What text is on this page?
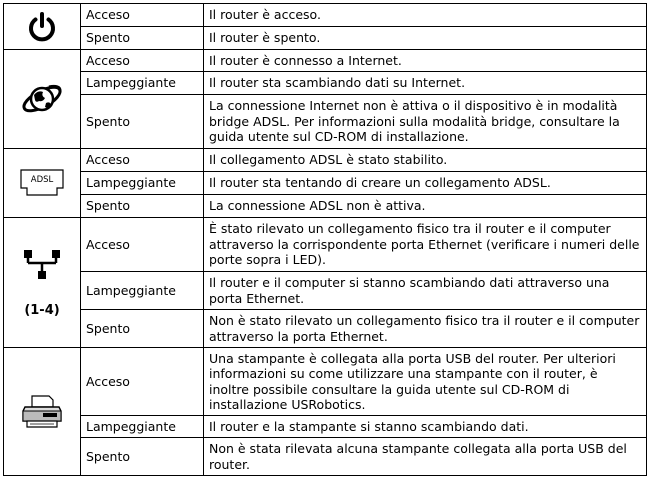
	Acceso	Il router è acceso.
	Spento	Il router è spento.

	Acceso	Il router è connesso a Internet.
	Lampeggiante	Il router sta scambiando dati su Internet.
	Spento	La connessione Internet non è attiva o il dispositivo è in modalità bridge ADSL. Per informazioni sulla modalità bridge, consultare la guida utente sul CD-ROM di installazione.

ADSL	Acceso	Il collegamento ADSL è stato stabilito.
	Lampeggiante	Il router sta tentando di creare un collegamento ADSL.
	Spento	La connessione ADSL non è attiva.

(1-4)	Acceso	È stato rilevato un collegamento fisico tra il router e il computer attraverso la corrispondente porta Ethernet (verificare i numeri delle porte sopra i LED).
	Lampeggiante	Il router e il computer si stanno scambiando dati attraverso una porta Ethernet.
	Spento	Non è stato rilevato un collegamento fisico tra il router e il computer attraverso la porta Ethernet.

	Acceso	Una stampante è collegata alla porta USB del router. Per ulteriori informazioni su come utilizzare una stampante con il router, è inoltre possibile consultare la guida utente sul CD-ROM di installazione USRobotics.
	Lampeggiante	Il router e la stampante si stanno scambiando dati.
	Spento	Non è stata rilevata alcuna stampante collegata alla porta USB del router.
